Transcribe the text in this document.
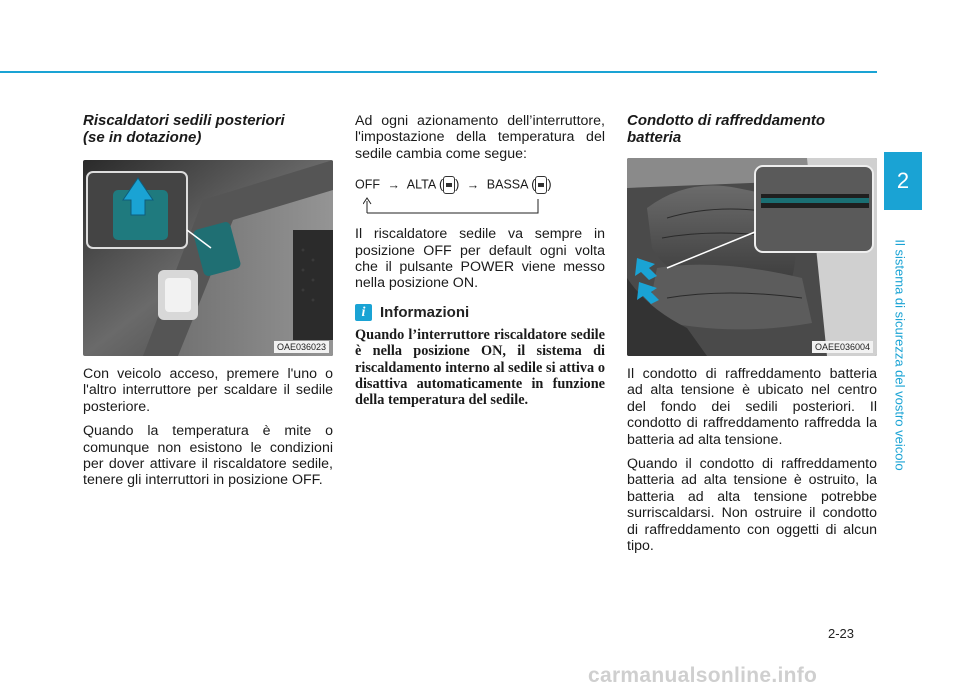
Riscaldatori sedili posteriori
(se in dotazione)

OAE036023

Con veicolo acceso, premere l'uno o l'altro interruttore per scaldare il sedile posteriore.

Quando la temperatura è mite o comunque non esistono le condizioni per dover attivare il riscaldatore sedile, tenere gli interruttori in posizione OFF.

Ad ogni azionamento dell’interruttore, l'impostazione della temperatura del sedile cambia come segue:

OFF → ALTA ( ) → BASSA ( )

Il riscaldatore sedile va sempre in posizione OFF per default ogni volta che il pulsante POWER viene messo nella posizione ON.

i Informazioni

Quando l’interruttore riscaldatore sedile è nella posizione ON, il sistema di riscaldamento interno al sedile si attiva o disattiva automaticamente in funzione della temperatura del sedile.

Condotto di raffreddamento
batteria

OAEE036004

Il condotto di raffreddamento batteria ad alta tensione è ubicato nel centro del fondo dei sedili posteriori. Il condotto di raffreddamento raffredda la batteria ad alta tensione.

Quando il condotto di raffreddamento batteria ad alta tensione è ostruito, la batteria ad alta tensione potrebbe surriscaldarsi. Non ostruire il condotto di raffreddamento con oggetti di alcun tipo.

2
Il sistema di sicurezza del vostro veicolo
2-23
carmanualsonline.info
